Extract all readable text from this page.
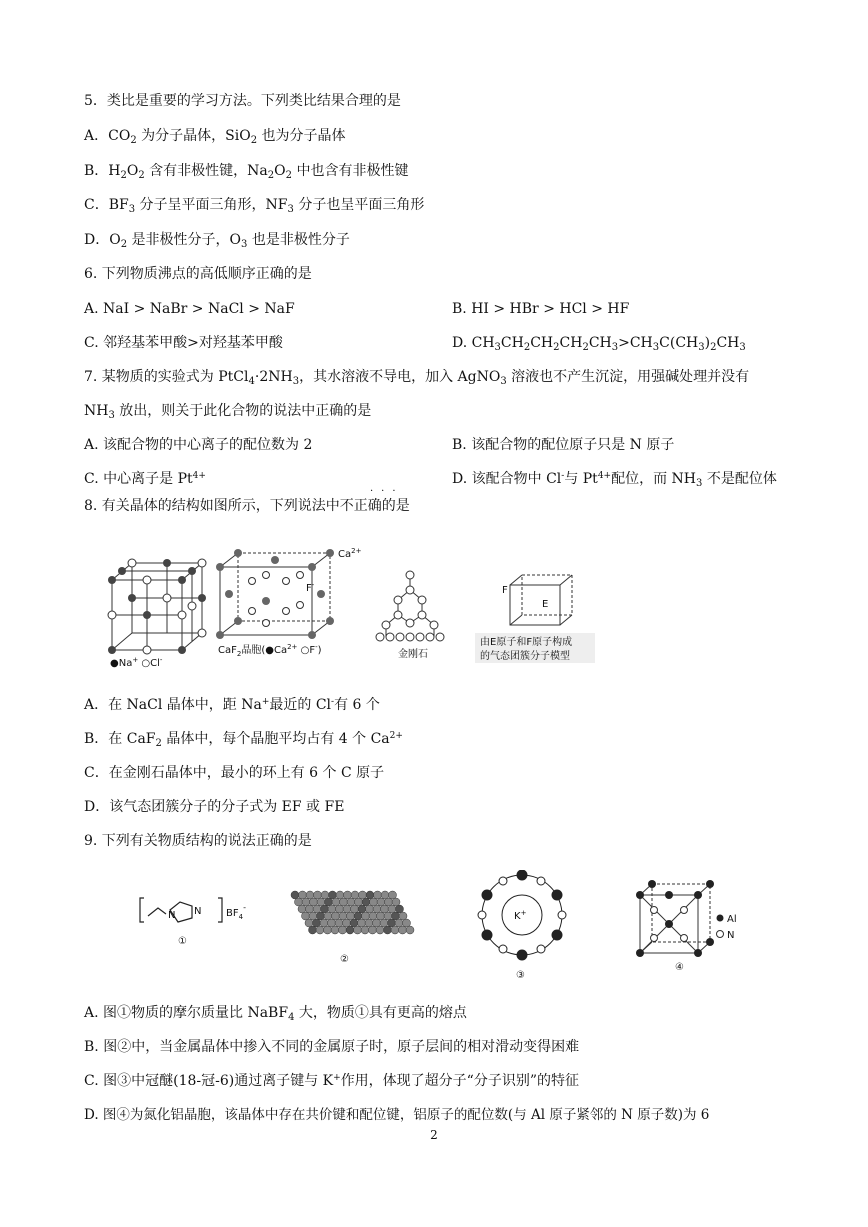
5．类比是重要的学习方法。下列类比结果合理的是
A．$CO_2$ 为分子晶体，SiO$_2$ 也为分子晶体
B．$H_2O_2$ 含有非极性键，$Na_2O_2$ 中也含有非极性键
C．$BF_3$ 分子呈平面三角形，$NF_3$ 分子也呈平面三角形
D．$O_2$ 是非极性分子，$O_3$ 也是非极性分子
6. 下列物质沸点的高低顺序正确的是
A. NaI > NaBr > NaCl > NaF	B. HI > HBr > HCl > HF
C. 邻羟基苯甲酸>对羟基苯甲酸	D. $CH_3CH_2CH_2CH_2CH_3>CH_3C(CH_3)_2CH_3$
7. 某物质的实验式为 $PtCl_4\cdot 2NH_3$，其水溶液不导电，加入 AgNO$_3$ 溶液也不产生沉淀，用强碱处理并没有
$NH_3$ 放出，则关于此化合物的说法中正确的是
A. 该配合物的中心离子的配位数为 2	B. 该配合物的配位原子只是 N 原子
C. 中心离子是 $Pt^{4+}$	D. 该配合物中 Cl-与 $Pt^{4+}$配位，而 $NH_3$ 不是配位体
···
8. 有关晶体的结构如图所示，下列说法中不正确的是
●Na+ ○Cl-
$Ca^{2+}$
F-
CaF$_2$晶胞($●Ca^{2+}$ ○F-)	金刚石
F
E
由E原子和F原子构成
的气态团簇分子模型
A．在 NaCl 晶体中，距 Na+最近的 Cl-有 6 个
B．在 CaF$_2$ 晶体中，每个晶胞平均占有 4 个 $Ca^{2+}$
C．在金刚石晶体中，最小的环上有 6 个 C 原子
D．该气态团簇分子的分子式为 EF 或 FE
9. 下列有关物质结构的说法正确的是
N N $BF_4^-$
①
②
K+
③
Al
N
④
A. 图①物质的摩尔质量比 NaBF$_4$ 大，物质①具有更高的熔点
B. 图②中，当金属晶体中掺入不同的金属原子时，原子层间的相对滑动变得困难
C. 图③中冠醚(18-冠-6)通过离子键与 K+作用，体现了超分子“分子识别”的特征
D. 图④为氮化铝晶胞，该晶体中存在共价键和配位键，铝原子的配位数(与 Al 原子紧邻的 N 原子数)为 6
2
